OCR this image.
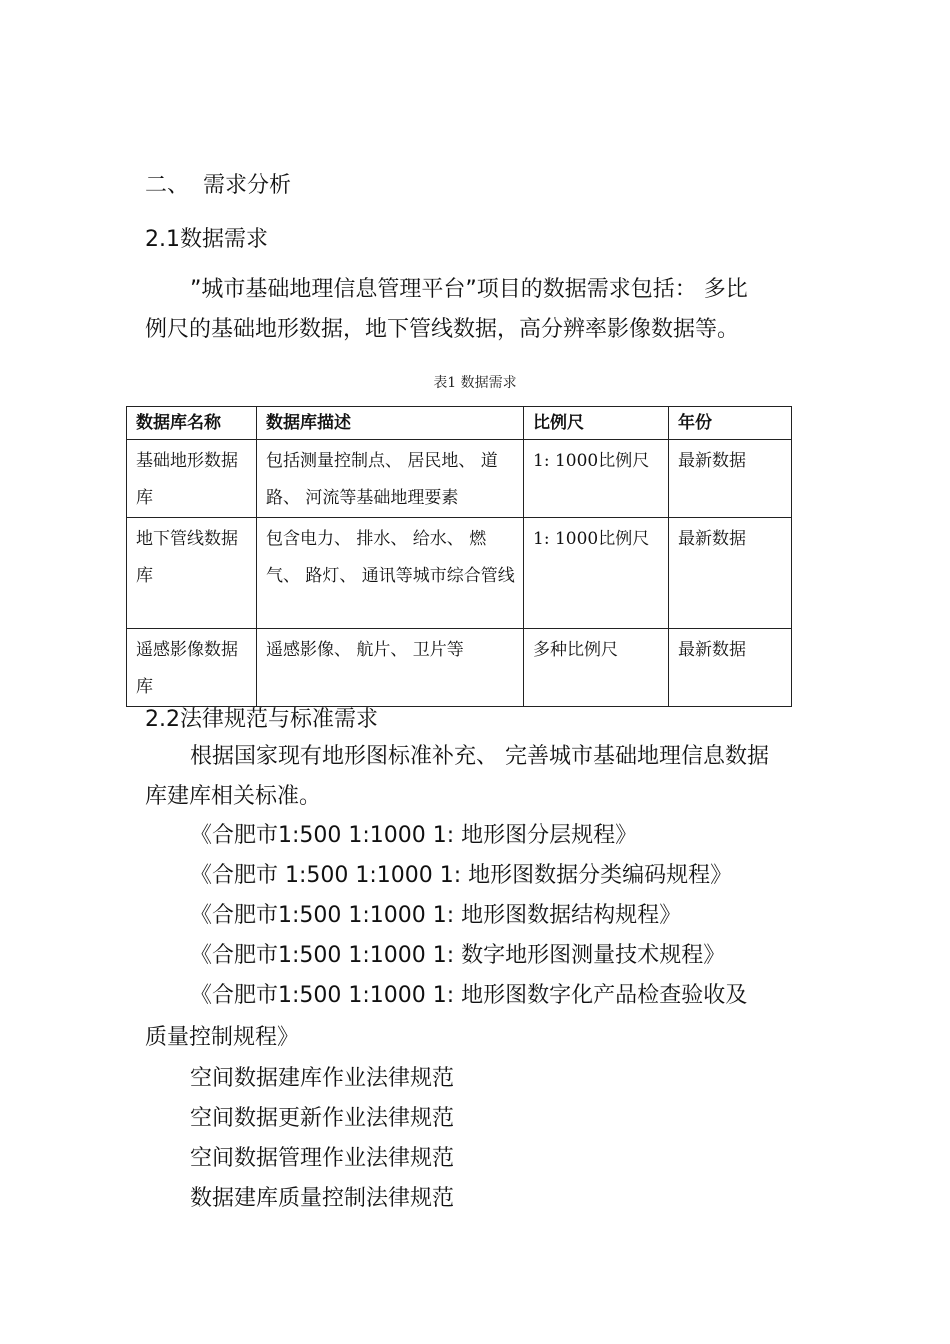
二、 需求分析
2.1数据需求
”城市基础地理信息管理平台”项目的数据需求包括： 多比
例尺的基础地形数据，地下管线数据，高分辨率影像数据等。
表1 数据需求
数据库名称	数据库描述	比例尺	年份
基础地形数据库	包括测量控制点、 居民地、 道路、 河流等基础地理要素	1: 1000比例尺	最新数据
地下管线数据库	包含电力、 排水、 给水、 燃气、 路灯、 通讯等城市综合管线	1: 1000比例尺	最新数据
遥感影像数据库	遥感影像、 航片、 卫片等	多种比例尺	最新数据
2.2法律规范与标准需求
根据国家现有地形图标准补充、 完善城市基础地理信息数据
库建库相关标准。
《合肥市1:500 1:1000 1: 地形图分层规程》
《合肥市 1:500 1:1000 1: 地形图数据分类编码规程》
《合肥市1:500 1:1000 1: 地形图数据结构规程》
《合肥市1:500 1:1000 1: 数字地形图测量技术规程》
《合肥市1:500 1:1000 1: 地形图数字化产品检查验收及
质量控制规程》
空间数据建库作业法律规范
空间数据更新作业法律规范
空间数据管理作业法律规范
数据建库质量控制法律规范
